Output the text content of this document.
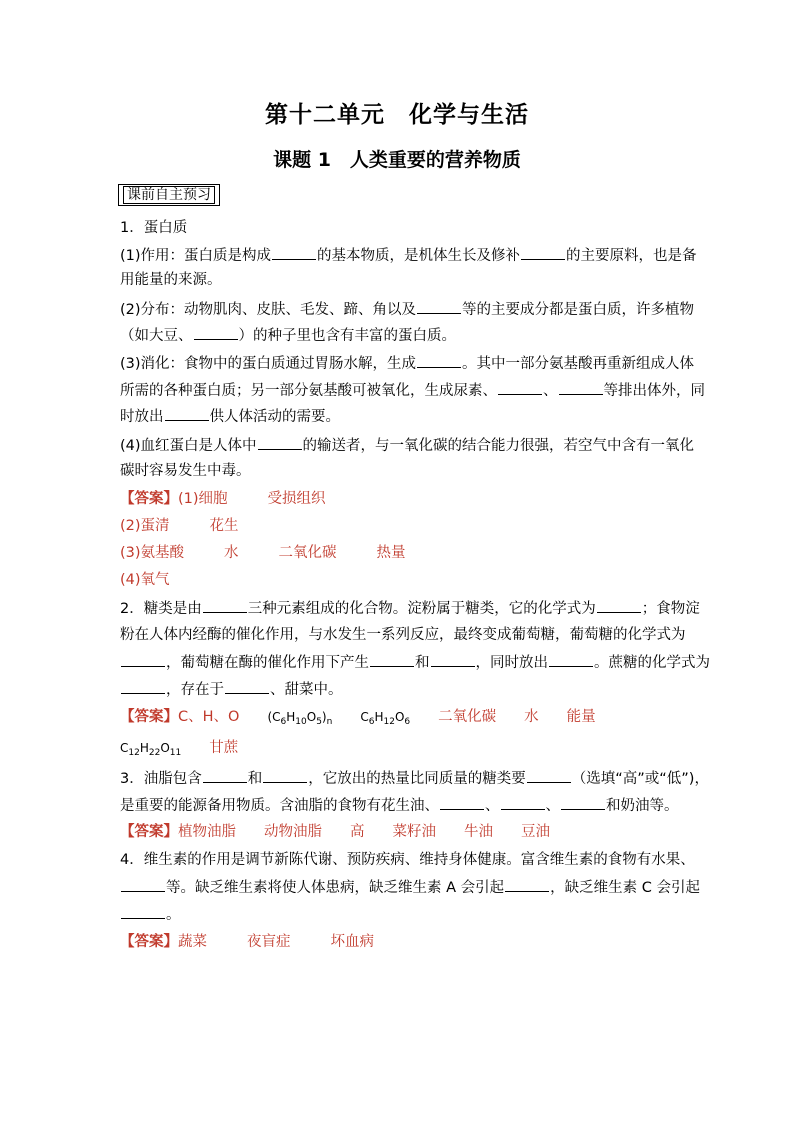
第十二单元　化学与生活
课题 1　人类重要的营养物质
课前自主预习
1．蛋白质
(1)作用：蛋白质是构成	的基本物质，是机体生长及修补	的主要原料，也是备
用能量的来源。
(2)分布：动物肌肉、皮肤、毛发、蹄、角以及	等的主要成分都是蛋白质，许多植物
（如大豆、	）的种子里也含有丰富的蛋白质。
(3)消化：食物中的蛋白质通过胃肠水解，生成	。其中一部分氨基酸再重新组成人体
所需的各种蛋白质；另一部分氨基酸可被氧化，生成尿素、	、	等排出体外，同
时放出	供人体活动的需要。
(4)血红蛋白是人体中	的输送者，与一氧化碳的结合能力很强，若空气中含有一氧化
碳时容易发生中毒。
【答案】(1)细胞	受损组织
(2)蛋清	花生
(3)氨基酸	水	二氧化碳	热量
(4)氧气
2．糖类是由	三种元素组成的化合物。淀粉属于糖类，它的化学式为	；食物淀
粉在人体内经酶的催化作用，与水发生一系列反应，最终变成葡萄糖，葡萄糖的化学式为
，葡萄糖在酶的催化作用下产生	和	，同时放出	。蔗糖的化学式为
，存在于	、甜菜中。
【答案】C、H、O $(C_6H_{10}O_5)_n$ $C_6H_{12}O_6$ 二氧化碳 水 能量
$C_{12}H_{22}O_{11}$ 甘蔗
3．油脂包含	和	，它放出的热量比同质量的糖类要	（选填“高”或“低”)，
是重要的能源备用物质。含油脂的食物有花生油、	、	、	和奶油等。
【答案】植物油脂 动物油脂 高 菜籽油 牛油 豆油
4．维生素的作用是调节新陈代谢、预防疾病、维持身体健康。富含维生素的食物有水果、
等。缺乏维生素将使人体患病，缺乏维生素 A 会引起	，缺乏维生素 C 会引起
。
【答案】蔬菜	夜盲症	坏血病
